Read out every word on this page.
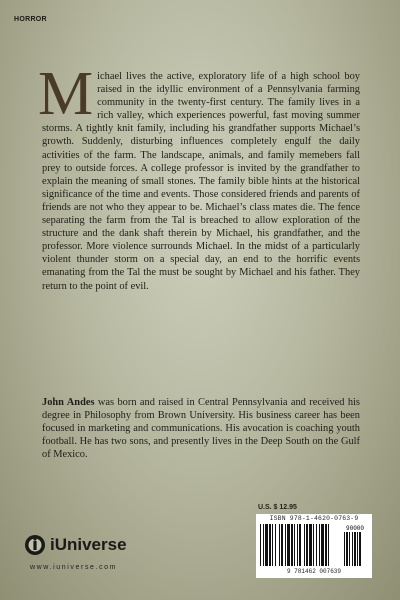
HORROR

Michael lives the active, exploratory life of a high school boy raised in the idyllic environment of a Pennsylvania farming community in the twenty-first century. The family lives in a rich valley, which experiences powerful, fast moving summer storms. A tightly knit family, including his grandfather supports Michael’s growth. Suddenly, disturbing influences completely engulf the daily activities of the farm. The landscape, animals, and family memebers fall prey to outside forces. A college professor is invited by the grandfather to explain the meaning of small stones. The family bible hints at the historical significance of the time and events. Those considered friends and parents of friends are not who they appear to be. Michael’s class mates die. The fence separating the farm from the Tal is breached to allow exploration of the structure and the dank shaft therein by Michael, his grandfather, and the professor. More violence surrounds Michael. In the midst of a particularly violent thunder storm on a special day, an end to the horrific events emanating from the Tal the must be sought by Michael and his father. They return to the point of evil.

John Andes was born and raised in Central Pennsylvania and received his degree in Philosophy from Brown University. His business career has been focused in marketing and communications. His avocation is coaching youth football. He has two sons, and presently lives in the Deep South on the Gulf of Mexico.

U.S. $ 12.95
ISBN 978-1-4620-0763-9
90000
9 781462 007639
iUniverse
www.iuniverse.com
